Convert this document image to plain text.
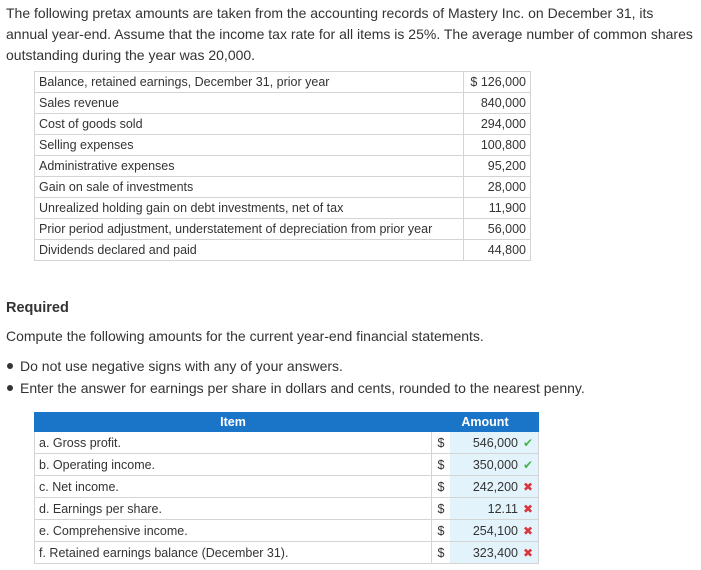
The following pretax amounts are taken from the accounting records of Mastery Inc. on December 31, its annual year-end. Assume that the income tax rate for all items is 25%. The average number of common shares outstanding during the year was 20,000.
Balance, retained earnings, December 31, prior year	$ 126,000
Sales revenue	840,000
Cost of goods sold	294,000
Selling expenses	100,800
Administrative expenses	95,200
Gain on sale of investments	28,000
Unrealized holding gain on debt investments, net of tax	11,900
Prior period adjustment, understatement of depreciation from prior year	56,000
Dividends declared and paid	44,800
Required
Compute the following amounts for the current year-end financial statements.
Do not use negative signs with any of your answers.
Enter the answer for earnings per share in dollars and cents, rounded to the nearest penny.
Item	Amount	
a. Gross profit.	$	546,000 ✔
b. Operating income.	$	350,000 ✔
c. Net income.	$	242,200 ✖
d. Earnings per share.	$	12.11 ✖
e. Comprehensive income.	$	254,100 ✖
f. Retained earnings balance (December 31).	$	323,400 ✖
